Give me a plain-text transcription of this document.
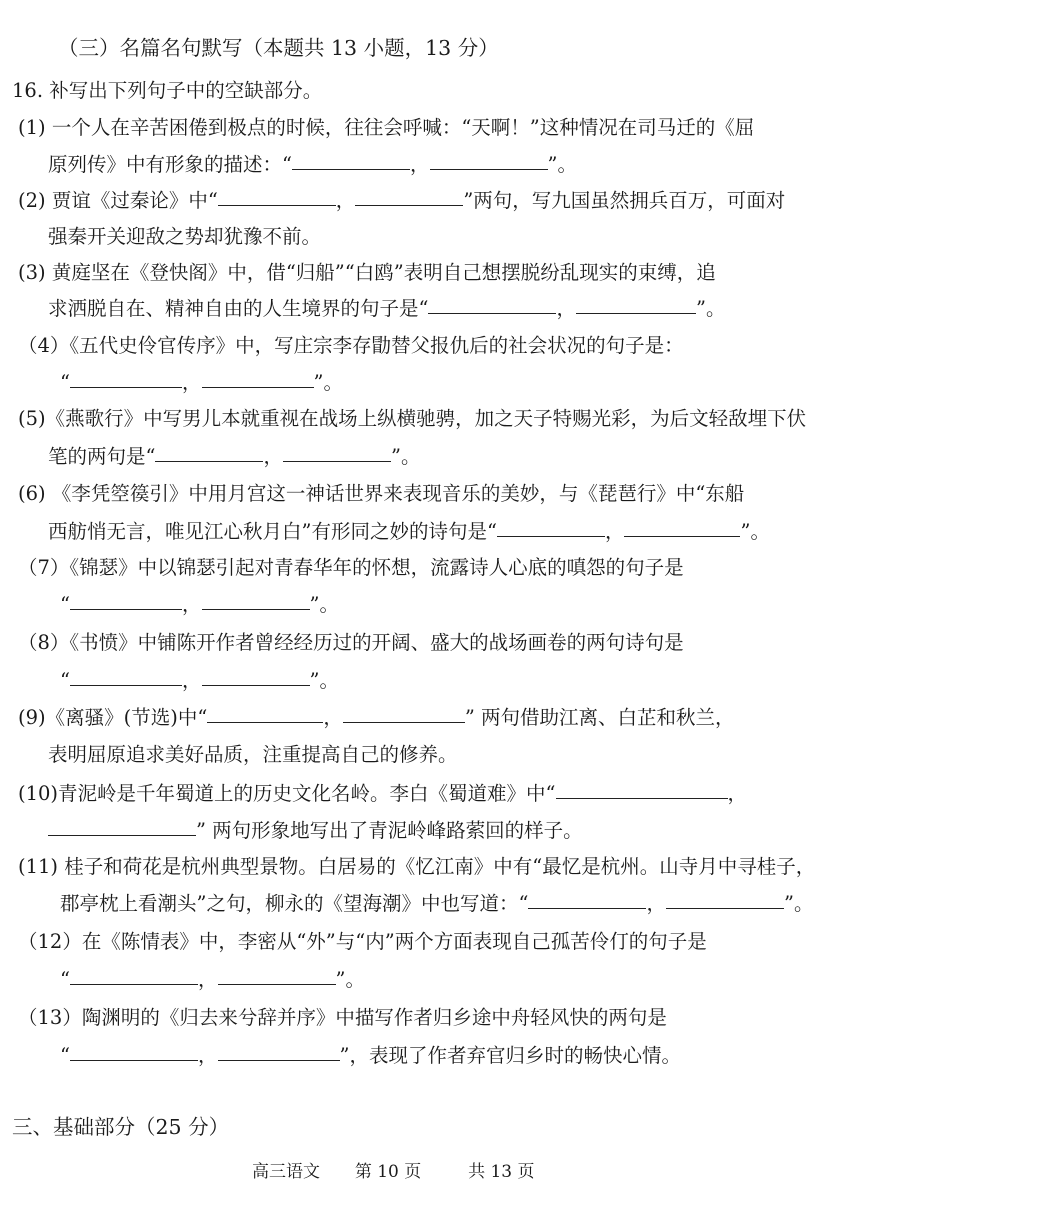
（三）名篇名句默写（本题共 13 小题，13 分）
16. 补写出下列句子中的空缺部分。
(1) 一个人在辛苦困倦到极点的时候，往往会呼喊：“天啊！”这种情况在司马迁的《屈
原列传》中有形象的描述：“	，	”。
(2) 贾谊《过秦论》中“	，	”两句，写九国虽然拥兵百万，可面对
强秦开关迎敌之势却犹豫不前。
(3) 黄庭坚在《登快阁》中，借“归船”“白鸥”表明自己想摆脱纷乱现实的束缚，追
求洒脱自在、精神自由的人生境界的句子是“	，	”。
（4）《五代史伶官传序》中，写庄宗李存勖替父报仇后的社会状况的句子是：
“	，	”。
(5)《燕歌行》中写男儿本就重视在战场上纵横驰骋，加之天子特赐光彩，为后文轻敌埋下伏
笔的两句是“	，	”。
(6) 《李凭箜篌引》中用月宫这一神话世界来表现音乐的美妙，与《琵琶行》中“东船
西舫悄无言，唯见江心秋月白”有形同之妙的诗句是“	，	”。
（7）《锦瑟》中以锦瑟引起对青春华年的怀想，流露诗人心底的嗔怨的句子是
“	，	”。
（8）《书愤》中铺陈开作者曾经经历过的开阔、盛大的战场画卷的两句诗句是
“	，	”。
(9)《离骚》(节选)中“	，	” 两句借助江离、白芷和秋兰，
表明屈原追求美好品质，注重提高自己的修养。
(10)青泥岭是千年蜀道上的历史文化名岭。李白《蜀道难》中“	，
” 两句形象地写出了青泥岭峰路萦回的样子。
(11) 桂子和荷花是杭州典型景物。白居易的《忆江南》中有“最忆是杭州。山寺月中寻桂子，
郡亭枕上看潮头”之句，柳永的《望海潮》中也写道：“	，	”。
（12）在《陈情表》中，李密从“外”与“内”两个方面表现自己孤苦伶仃的句子是
“	，	”。
（13）陶渊明的《归去来兮辞并序》中描写作者归乡途中舟轻风快的两句是
“	，	”，表现了作者弃官归乡时的畅快心情。
三、基础部分（25 分）
高三语文 第 10 页	共 13 页
